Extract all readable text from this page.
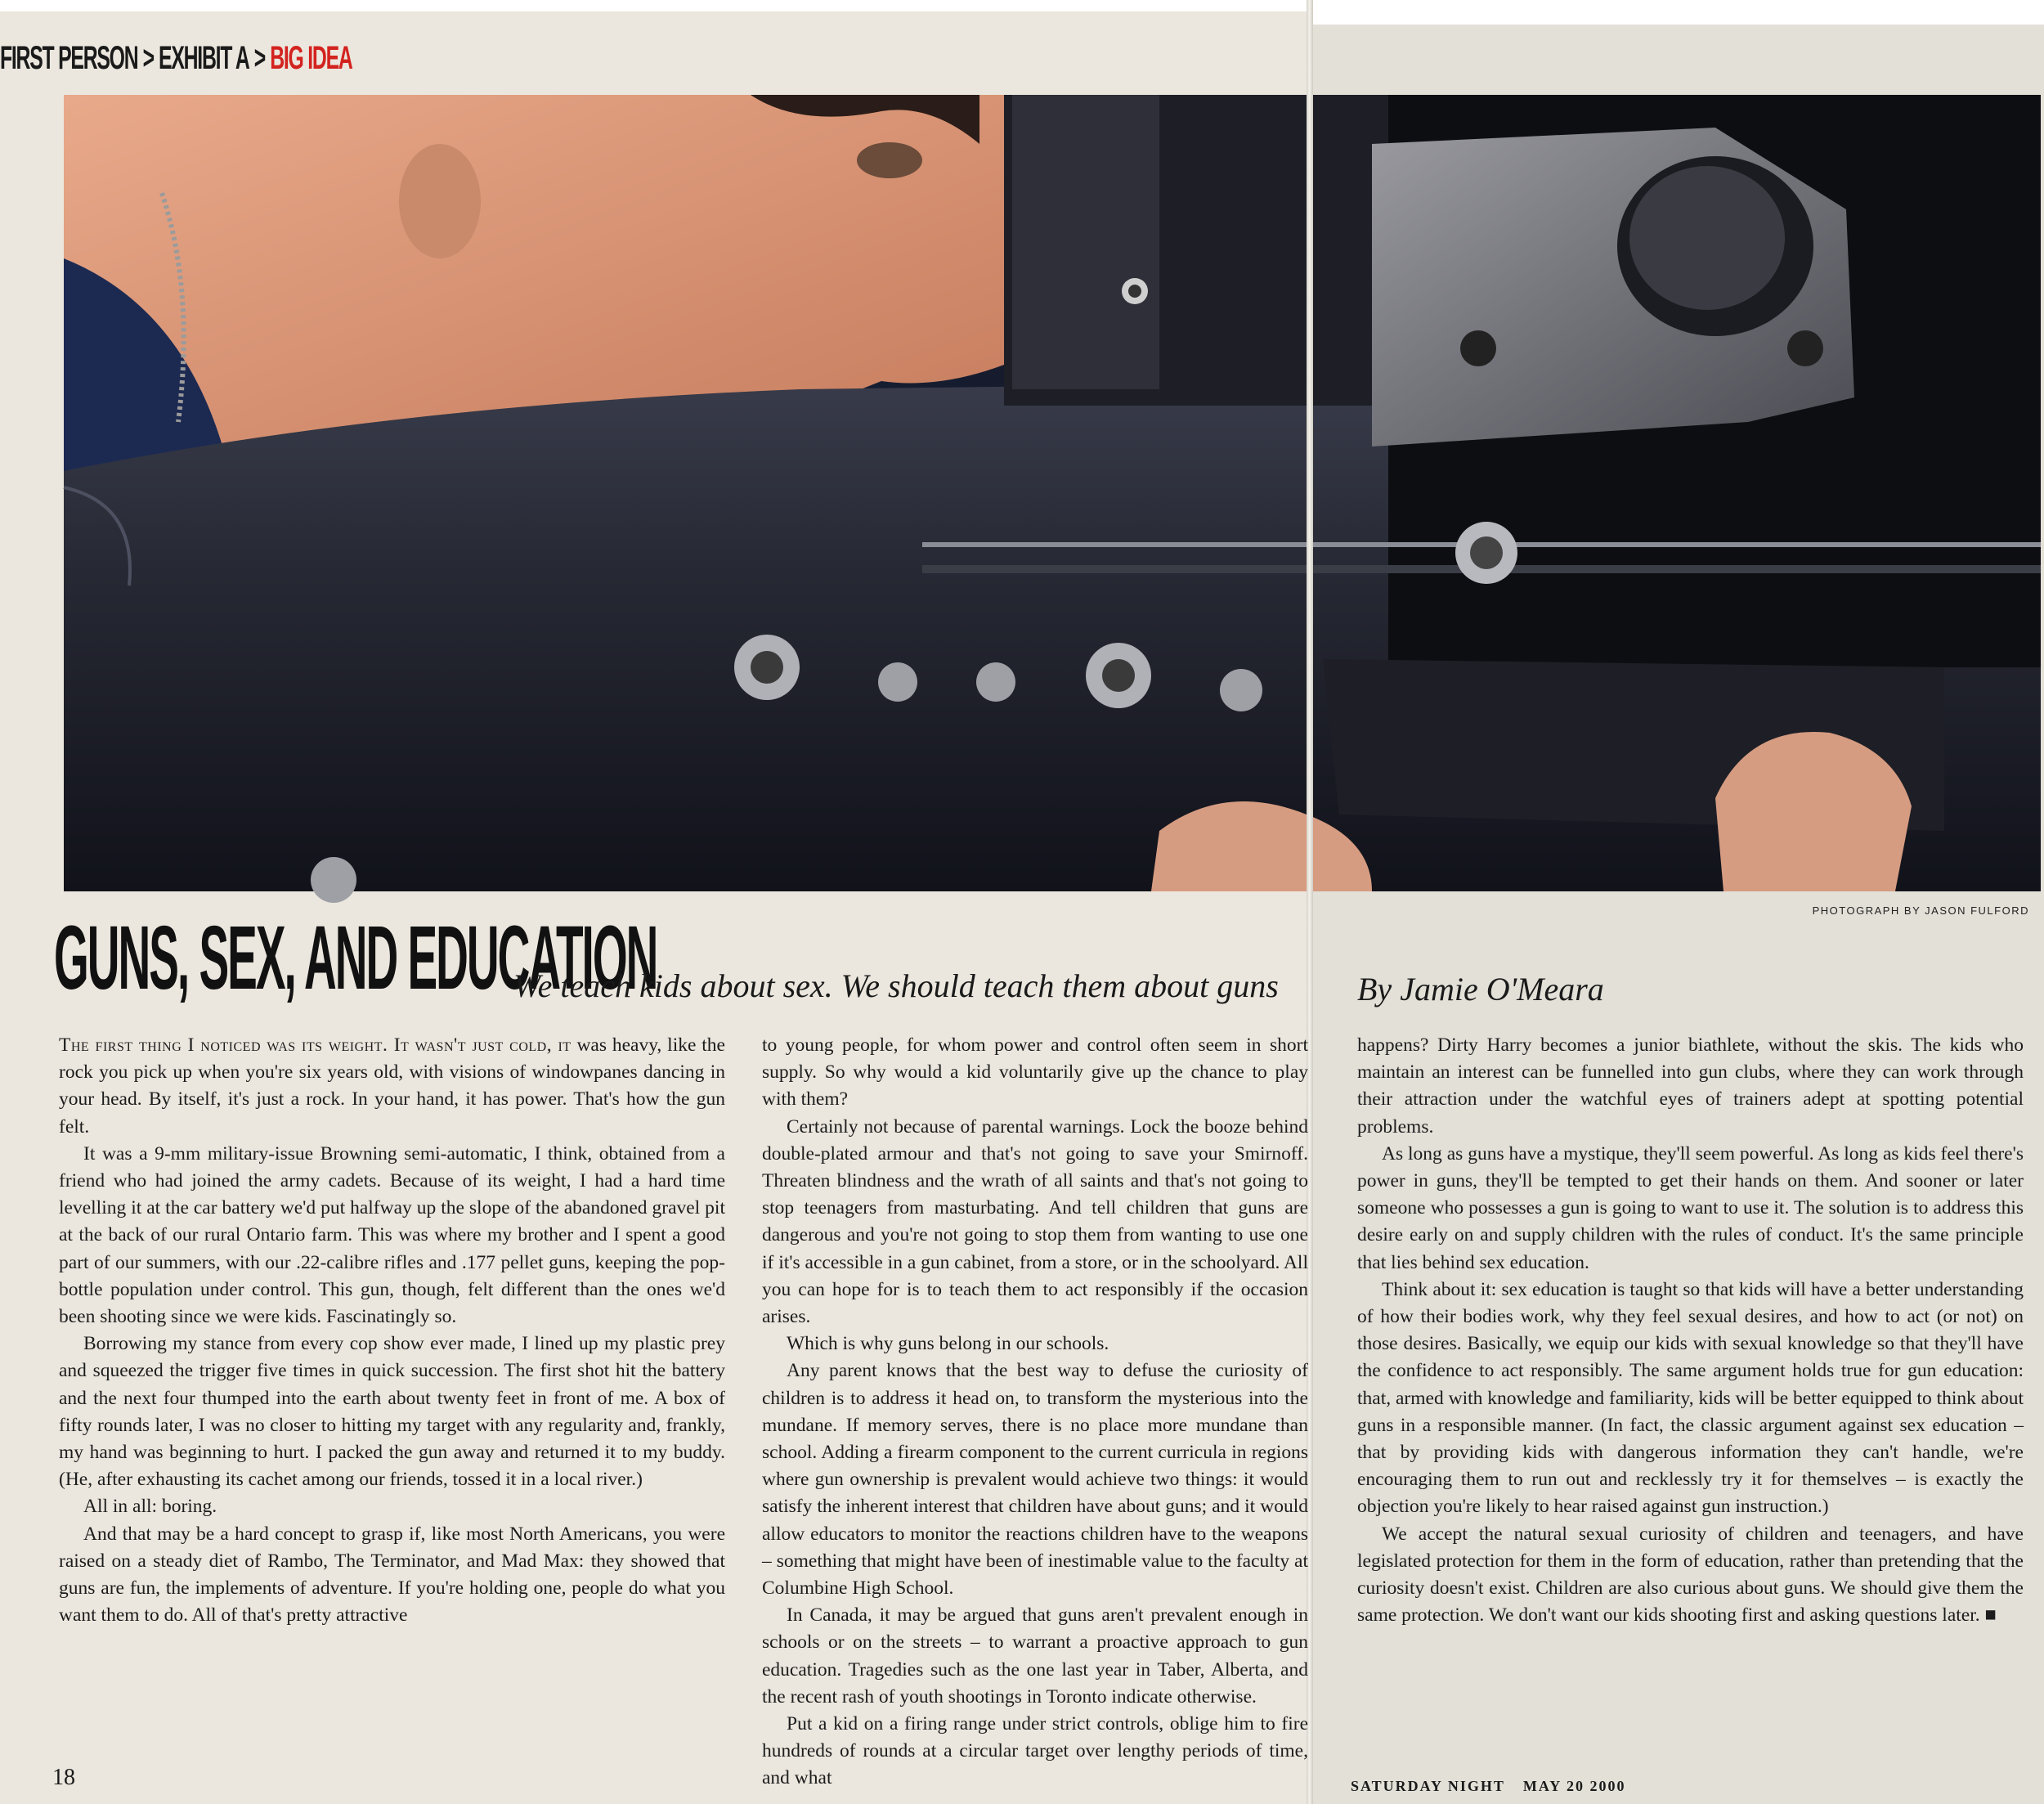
FIRST PERSON > EXHIBIT A > BIG IDEA
PHOTOGRAPH BY JASON FULFORD
GUNS, SEX, AND EDUCATION
We teach kids about sex. We should teach them about guns	By Jamie O'Meara

The first thing I noticed was its weight. It wasn't just cold, it was heavy, like the rock you pick up when you're six years old, with visions of windowpanes dancing in your head. By itself, it's just a rock. In your hand, it has power. That's how the gun felt.

It was a 9-mm military-issue Browning semi-automatic, I think, obtained from a friend who had joined the army cadets. Because of its weight, I had a hard time levelling it at the car battery we'd put halfway up the slope of the abandoned gravel pit at the back of our rural Ontario farm. This was where my brother and I spent a good part of our summers, with our .22-calibre rifles and .177 pellet guns, keeping the pop-bottle population under control. This gun, though, felt different than the ones we'd been shooting since we were kids. Fascinatingly so.

Borrowing my stance from every cop show ever made, I lined up my plastic prey and squeezed the trigger five times in quick succession. The first shot hit the battery and the next four thumped into the earth about twenty feet in front of me. A box of fifty rounds later, I was no closer to hitting my target with any regularity and, frankly, my hand was beginning to hurt. I packed the gun away and returned it to my buddy. (He, after exhausting its cachet among our friends, tossed it in a local river.)

All in all: boring.

And that may be a hard concept to grasp if, like most North Americans, you were raised on a steady diet of Rambo, The Terminator, and Mad Max: they showed that guns are fun, the implements of adventure. If you're holding one, people do what you want them to do. All of that's pretty attractive

to young people, for whom power and control often seem in short supply. So why would a kid voluntarily give up the chance to play with them?

Certainly not because of parental warnings. Lock the booze behind double-plated armour and that's not going to save your Smirnoff. Threaten blindness and the wrath of all saints and that's not going to stop teenagers from masturbating. And tell children that guns are dangerous and you're not going to stop them from wanting to use one if it's accessible in a gun cabinet, from a store, or in the schoolyard. All you can hope for is to teach them to act responsibly if the occasion arises.

Which is why guns belong in our schools.

Any parent knows that the best way to defuse the curiosity of children is to address it head on, to transform the mysterious into the mundane. If memory serves, there is no place more mundane than school. Adding a firearm component to the current curricula in regions where gun ownership is prevalent would achieve two things: it would satisfy the inherent interest that children have about guns; and it would allow educators to monitor the reactions children have to the weapons – something that might have been of inestimable value to the faculty at Columbine High School.

In Canada, it may be argued that guns aren't prevalent enough in schools or on the streets – to warrant a proactive approach to gun education. Tragedies such as the one last year in Taber, Alberta, and the recent rash of youth shootings in Toronto indicate otherwise.

Put a kid on a firing range under strict controls, oblige him to fire hundreds of rounds at a circular target over lengthy periods of time, and what

happens? Dirty Harry becomes a junior biathlete, without the skis. The kids who maintain an interest can be funnelled into gun clubs, where they can work through their attraction under the watchful eyes of trainers adept at spotting potential problems.

As long as guns have a mystique, they'll seem powerful. As long as kids feel there's power in guns, they'll be tempted to get their hands on them. And sooner or later someone who possesses a gun is going to want to use it. The solution is to address this desire early on and supply children with the rules of conduct. It's the same principle that lies behind sex education.

Think about it: sex education is taught so that kids will have a better understanding of how their bodies work, why they feel sexual desires, and how to act (or not) on those desires. Basically, we equip our kids with sexual knowledge so that they'll have the confidence to act responsibly. The same argument holds true for gun education: that, armed with knowledge and familiarity, kids will be better equipped to think about guns in a responsible manner. (In fact, the classic argument against sex education – that by providing kids with dangerous information they can't handle, we're encouraging them to run out and recklessly try it for themselves – is exactly the objection you're likely to hear raised against gun instruction.)

We accept the natural sexual curiosity of children and teenagers, and have legislated protection for them in the form of education, rather than pretending that the curiosity doesn't exist. Children are also curious about guns. We should give them the same protection. We don't want our kids shooting first and asking questions later. ■

18	SATURDAY NIGHT MAY 20 2000
